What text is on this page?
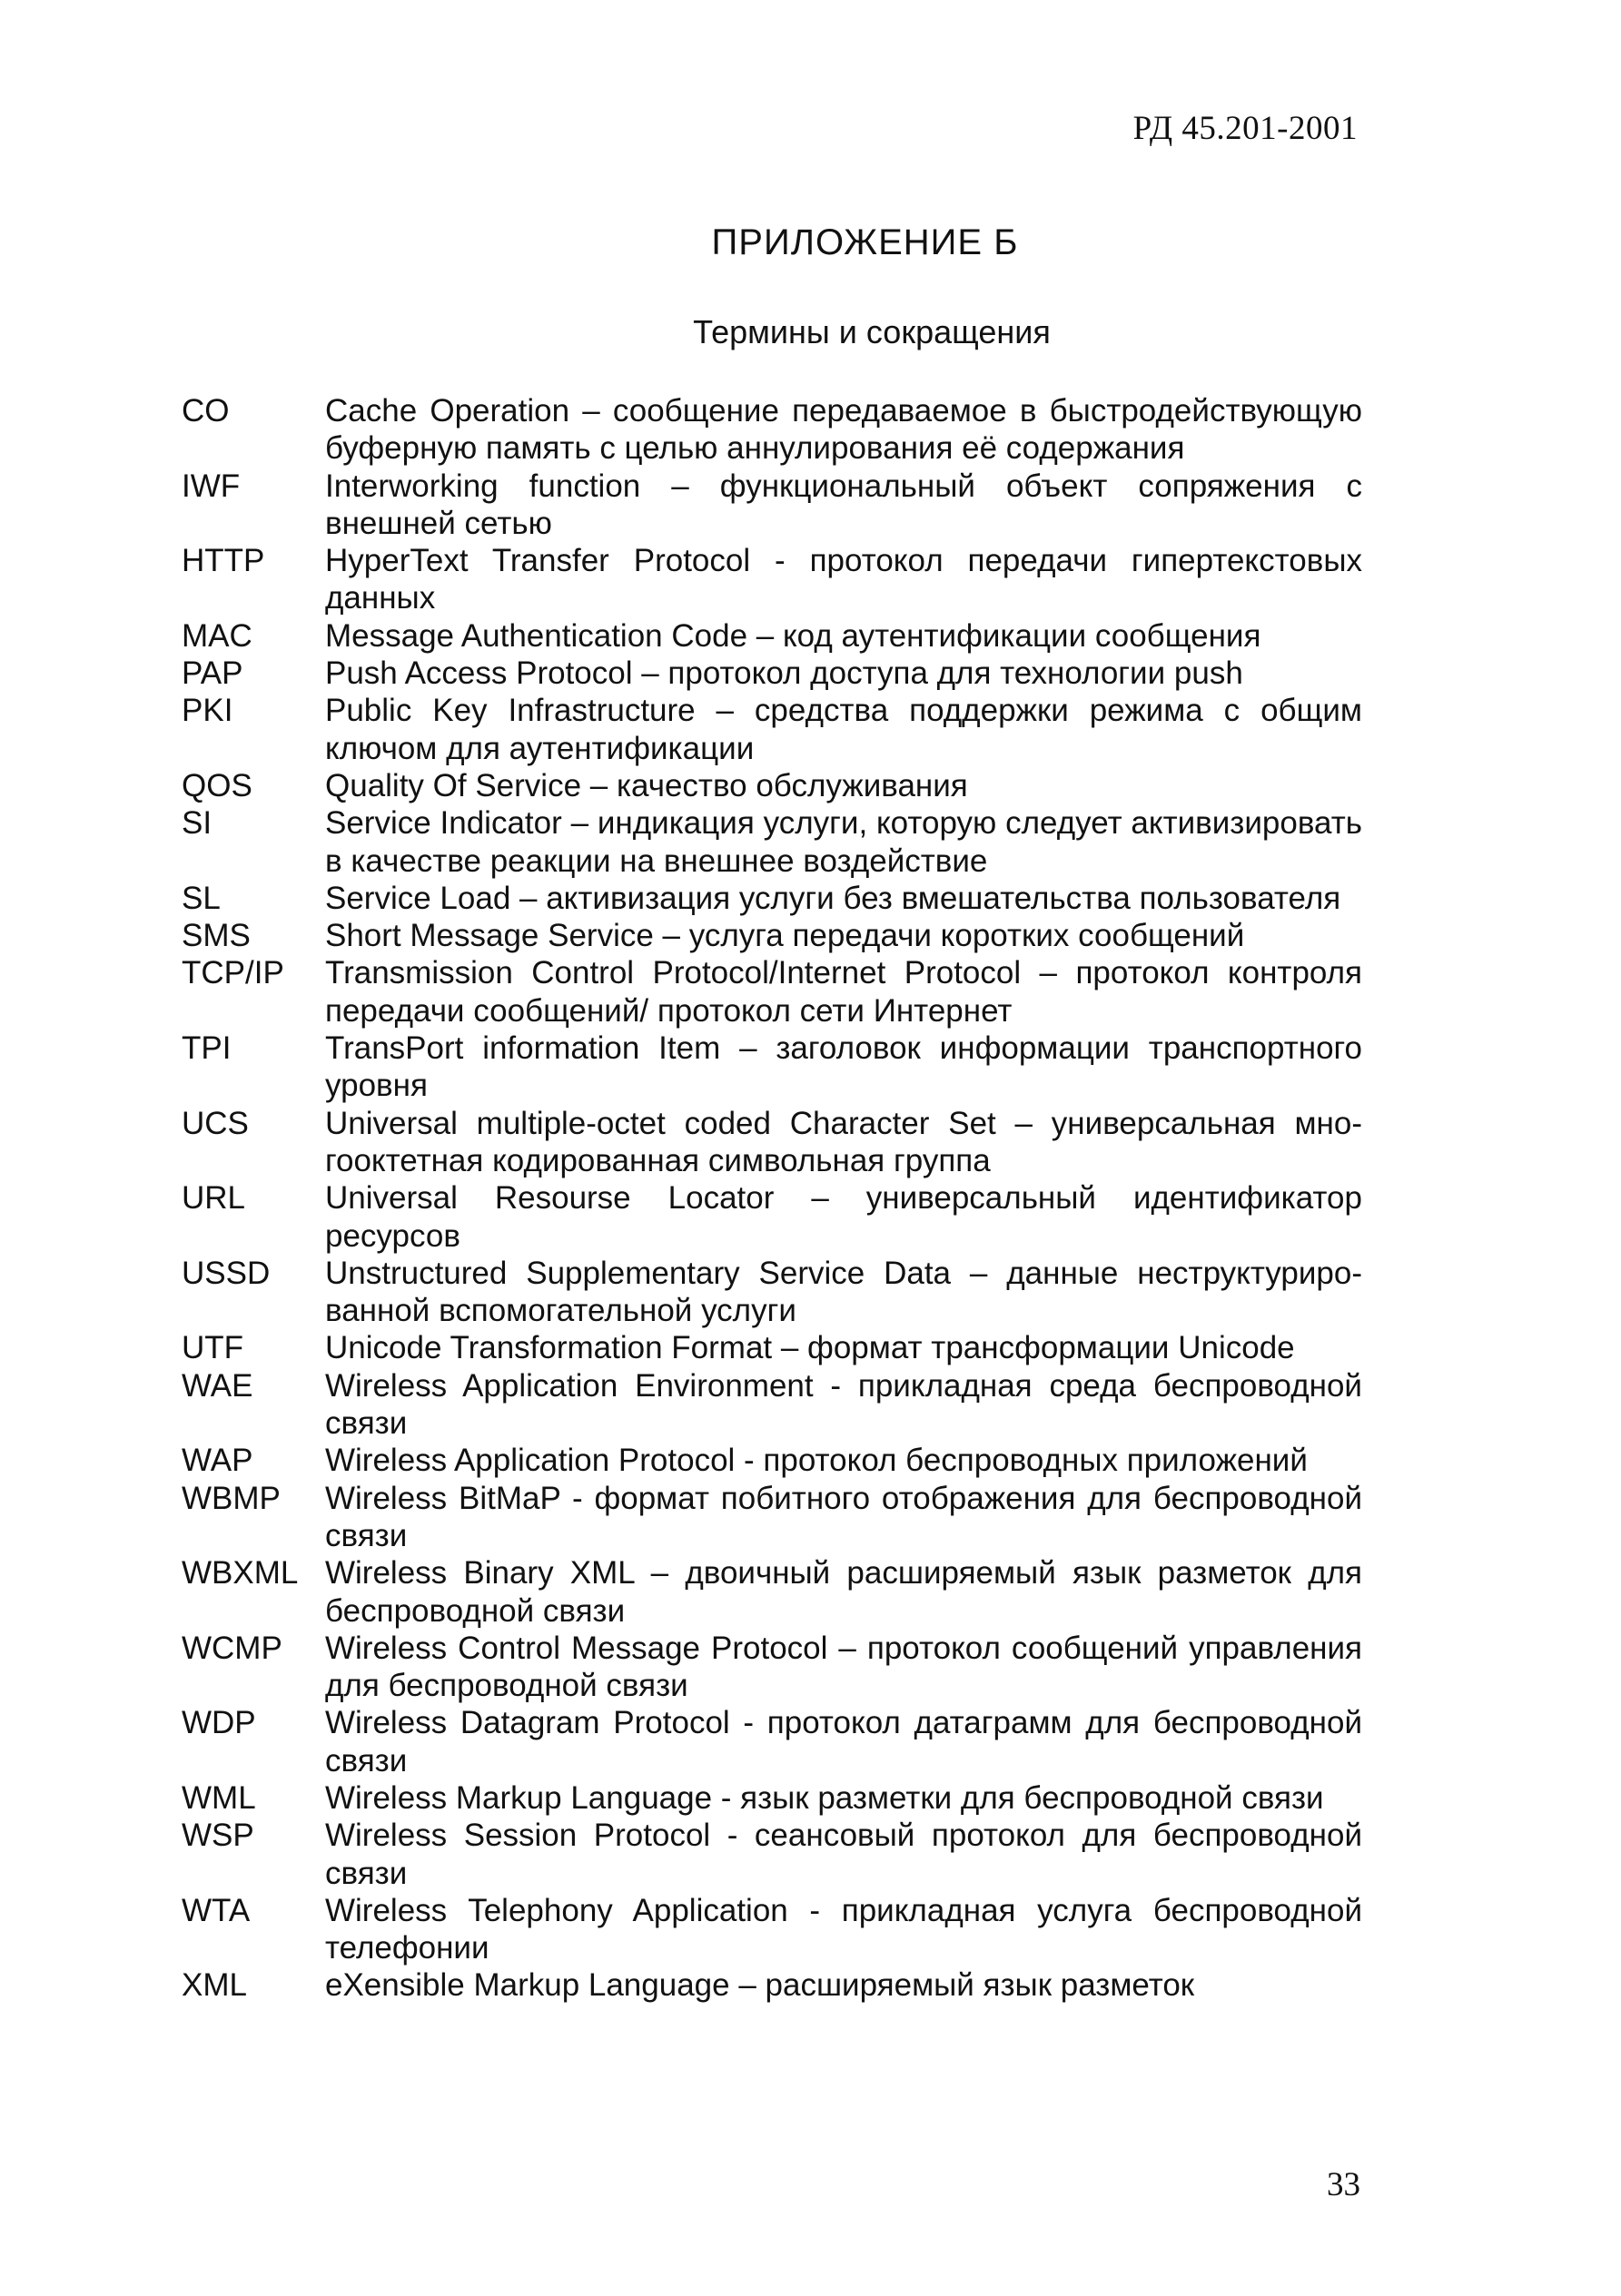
РД 45.201-2001
ПРИЛОЖЕНИЕ Б
Термины и сокращения
CO	Cache Operation – сообщение передаваемое в быстродействующую буферную память с целью аннулирования её содержания
IWF	Interworking function – функциональный объект сопряжения с внешней сетью
HTTP	HyperText Transfer Protocol - протокол передачи гипертекстовых данных
MAC	Message Authentication Code – код аутентификации сообщения
PAP	Push Access Protocol – протокол доступа для технологии push
PKI	Public Key Infrastructure – средства поддержки режима с общим ключом для аутентификации
QOS	Quality Of Service – качество обслуживания
SI	Service Indicator – индикация услуги, которую следует активизировать в качестве реакции на внешнее воздействие
SL	Service Load – активизация услуги без вмешательства пользователя
SMS	Short Message Service – услуга передачи коротких сообщений
TCP/IP	Transmission Control Protocol/Internet Protocol – протокол контроля передачи сообщений/ протокол сети Интернет
TPI	TransPort information Item – заголовок информации транспортного уровня
UCS	Universal multiple-octet coded Character Set – универсальная мно-гооктетная кодированная символьная группа
URL	Universal Resourse Locator – универсальный идентификатор ресурсов
USSD	Unstructured Supplementary Service Data – данные неструктуриро-ванной вспомогательной услуги
UTF	Unicode Transformation Format – формат трансформации Unicode
WAE	Wireless Application Environment - прикладная среда беспроводной связи
WAP	Wireless Application Protocol - протокол беспроводных приложений
WBMP	Wireless BitMaP - формат побитного отображения для беспроводной связи
WBXML Wireless Binary XML – двоичный расширяемый язык разметок для беспроводной связи
WCMP	Wireless Control Message Protocol – протокол сообщений управления для беспроводной связи
WDP	Wireless Datagram Protocol - протокол датаграмм для беспроводной связи
WML	Wireless Markup Language - язык разметки для беспроводной связи
WSP	Wireless Session Protocol - сеансовый протокол для беспроводной связи
WTA	Wireless Telephony Application - прикладная услуга беспроводной телефонии
XML	eXensible Markup Language – расширяемый язык разметок
33
